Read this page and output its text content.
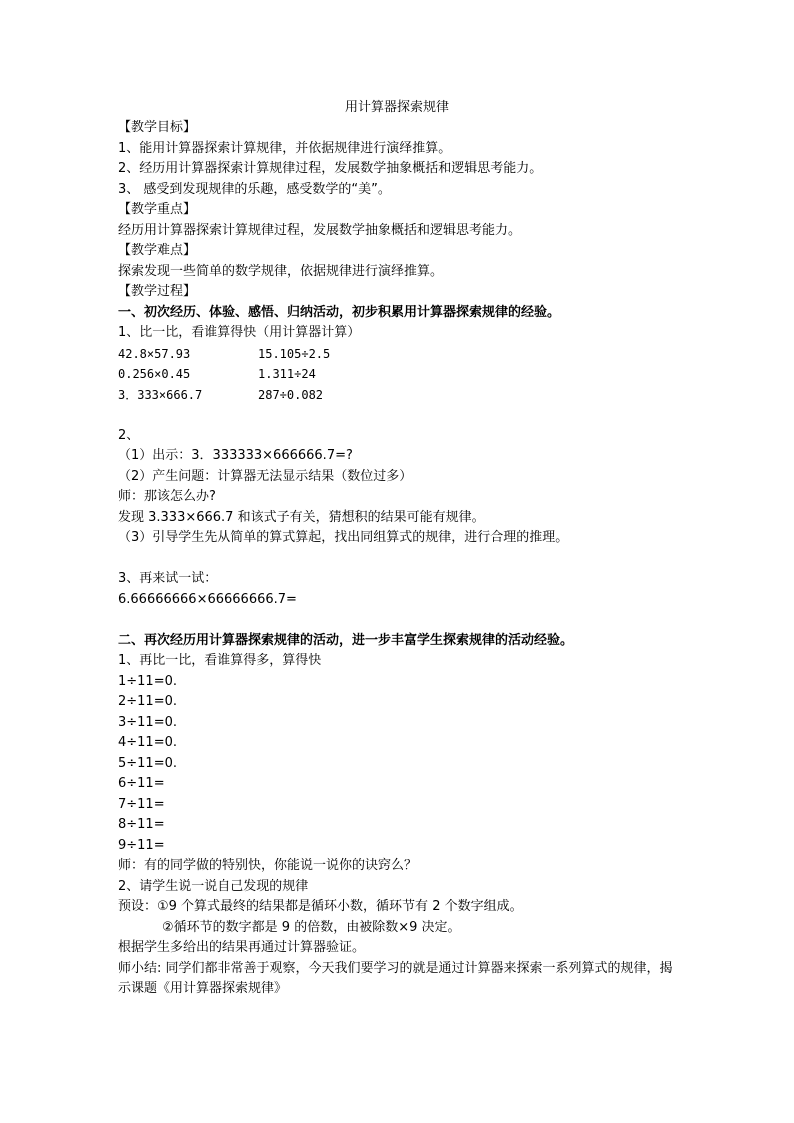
用计算器探索规律

【教学目标】

1、能用计算器探索计算规律，并依据规律进行演绎推算。

2、经历用计算器探索计算规律过程，发展数学抽象概括和逻辑思考能力。

3、 感受到发现规律的乐趣，感受数学的“美”。

【教学重点】

经历用计算器探索计算规律过程，发展数学抽象概括和逻辑思考能力。

【教学难点】

探索发现一些简单的数学规律，依据规律进行演绎推算。

【教学过程】

一、初次经历、体验、感悟、归纳活动，初步积累用计算器探索规律的经验。

1、比一比，看谁算得快（用计算器计算）

42.8×57.93	15.105÷2.5
0.256×0.45	1.311÷24
3．333×666.7	287÷0.082

2、

（1）出示：3．333333×666666.7=?

（2）产生问题：计算器无法显示结果（数位过多）

师：那该怎么办?

发现 3.333×666.7 和该式子有关，猜想积的结果可能有规律。

（3）引导学生先从简单的算式算起，找出同组算式的规律，进行合理的推理。

3、再来试一试：

6.66666666×66666666.7=

二、再次经历用计算器探索规律的活动，进一步丰富学生探索规律的活动经验。

1、再比一比，看谁算得多，算得快

1÷11=0.

2÷11=0.

3÷11=0.

4÷11=0.

5÷11=0.

6÷11=

7÷11=

8÷11=

9÷11=

师：有的同学做的特别快，你能说一说你的诀窍么？

2、请学生说一说自己发现的规律

预设：①9 个算式最终的结果都是循环小数，循环节有 2 个数字组成。

②循环节的数字都是 9 的倍数，由被除数×9 决定。

根据学生多给出的结果再通过计算器验证。

师小结: 同学们都非常善于观察，今天我们要学习的就是通过计算器来探索一系列算式的规律，揭示课题《用计算器探索规律》
